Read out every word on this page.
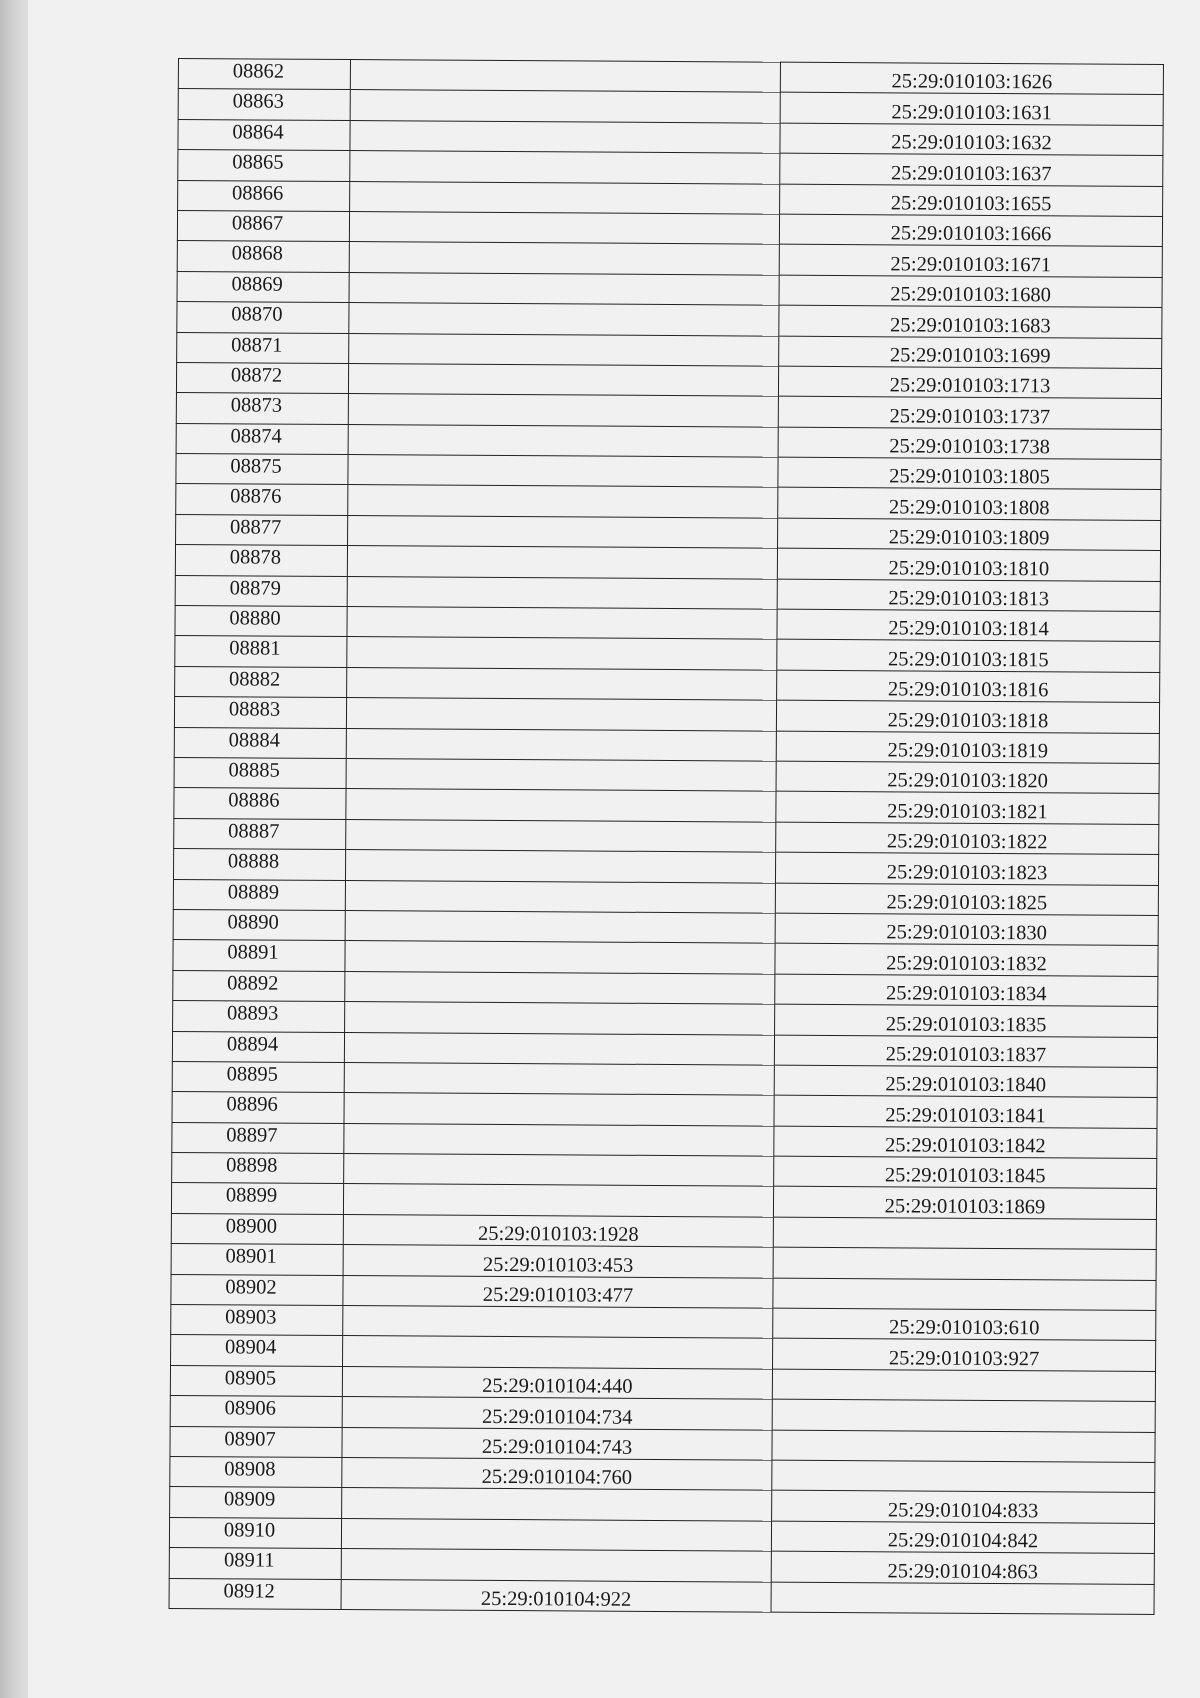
08862		25:29:010103:1626
08863		25:29:010103:1631
08864		25:29:010103:1632
08865		25:29:010103:1637
08866		25:29:010103:1655
08867		25:29:010103:1666
08868		25:29:010103:1671
08869		25:29:010103:1680
08870		25:29:010103:1683
08871		25:29:010103:1699
08872		25:29:010103:1713
08873		25:29:010103:1737
08874		25:29:010103:1738
08875		25:29:010103:1805
08876		25:29:010103:1808
08877		25:29:010103:1809
08878		25:29:010103:1810
08879		25:29:010103:1813
08880		25:29:010103:1814
08881		25:29:010103:1815
08882		25:29:010103:1816
08883		25:29:010103:1818
08884		25:29:010103:1819
08885		25:29:010103:1820
08886		25:29:010103:1821
08887		25:29:010103:1822
08888		25:29:010103:1823
08889		25:29:010103:1825
08890		25:29:010103:1830
08891		25:29:010103:1832
08892		25:29:010103:1834
08893		25:29:010103:1835
08894		25:29:010103:1837
08895		25:29:010103:1840
08896		25:29:010103:1841
08897		25:29:010103:1842
08898		25:29:010103:1845
08899		25:29:010103:1869
08900	25:29:010103:1928	
08901	25:29:010103:453	
08902	25:29:010103:477	
08903		25:29:010103:610
08904		25:29:010103:927
08905	25:29:010104:440	
08906	25:29:010104:734	
08907	25:29:010104:743	
08908	25:29:010104:760	
08909		25:29:010104:833
08910		25:29:010104:842
08911		25:29:010104:863
08912	25:29:010104:922	
